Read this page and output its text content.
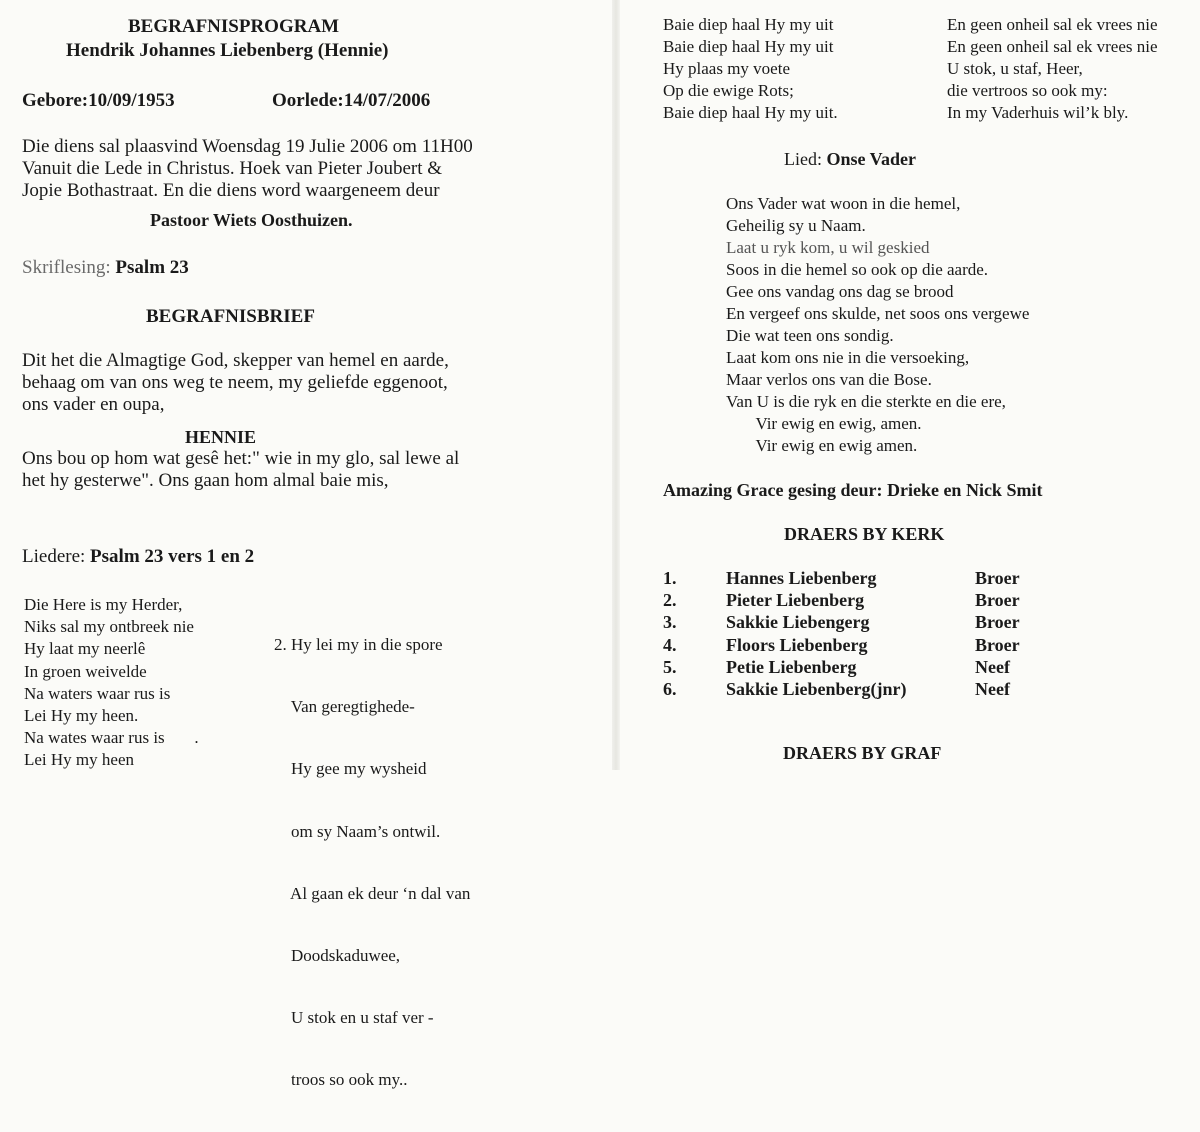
BEGRAFNISPROGRAM
Hendrik Johannes Liebenberg (Hennie)
Gebore:10/09/1953	Oorlede:14/07/2006
Die diens sal plaasvind Woensdag 19 Julie 2006 om 11H00
Vanuit die Lede in Christus. Hoek van Pieter Joubert &
Jopie Bothastraat. En die diens word waargeneem deur
Pastoor Wiets Oosthuizen.
Skriflesing: Psalm 23
BEGRAFNISBRIEF
Dit het die Almagtige God, skepper van hemel en aarde,
behaag om van ons weg te neem, my geliefde eggenoot,
ons vader en oupa,
HENNIE
Ons bou op hom wat gesê het:" wie in my glo, sal lewe al
het hy gesterwe". Ons gaan hom almal baie mis,
Liedere: Psalm 23 vers 1 en 2
Die Here is my Herder,
Niks sal my ontbreek nie
Hy laat my neerlê
In groen weivelde
Na waters waar rus is
Lei Hy my heen.
Na wates waar rus is       .
Lei Hy my heen

2. Hy lei my in die spore

Van geregtighede-

Hy gee my wysheid

om sy Naam’s ontwil.

Al gaan ek deur ‘n dal van

Doodskaduwee,

U stok en u staf ver -

troos so ook my..

Baie diep haal Hy my uit
Baie diep haal Hy my uit
Hy plaas my voete
Op die ewige Rots;
Baie diep haal Hy my uit.
En geen onheil sal ek vrees nie
En geen onheil sal ek vrees nie
U stok, u staf, Heer,
die vertroos so ook my:
In my Vaderhuis wil’k bly.
Lied: Onse Vader
Ons Vader wat woon in die hemel,
Geheilig sy u Naam.
Laat u ryk kom, u wil geskied
Soos in die hemel so ook op die aarde.
Gee ons vandag ons dag se brood
En vergeef ons skulde, net soos ons vergewe
Die wat teen ons sondig.
Laat kom ons nie in die versoeking,
Maar verlos ons van die Bose.
Van U is die ryk en die sterkte en die ere,
Vir ewig en ewig, amen.
Vir ewig en ewig amen.
Amazing Grace gesing deur: Drieke en Nick Smit
DRAERS BY KERK
1.	Hannes Liebenberg	Broer
2.	Pieter Liebenberg	Broer
3.	Sakkie Liebengerg	Broer
4.	Floors Liebenberg	Broer
5.	Petie Liebenberg	Neef
6.	Sakkie Liebenberg(jnr)	Neef
DRAERS BY GRAF
